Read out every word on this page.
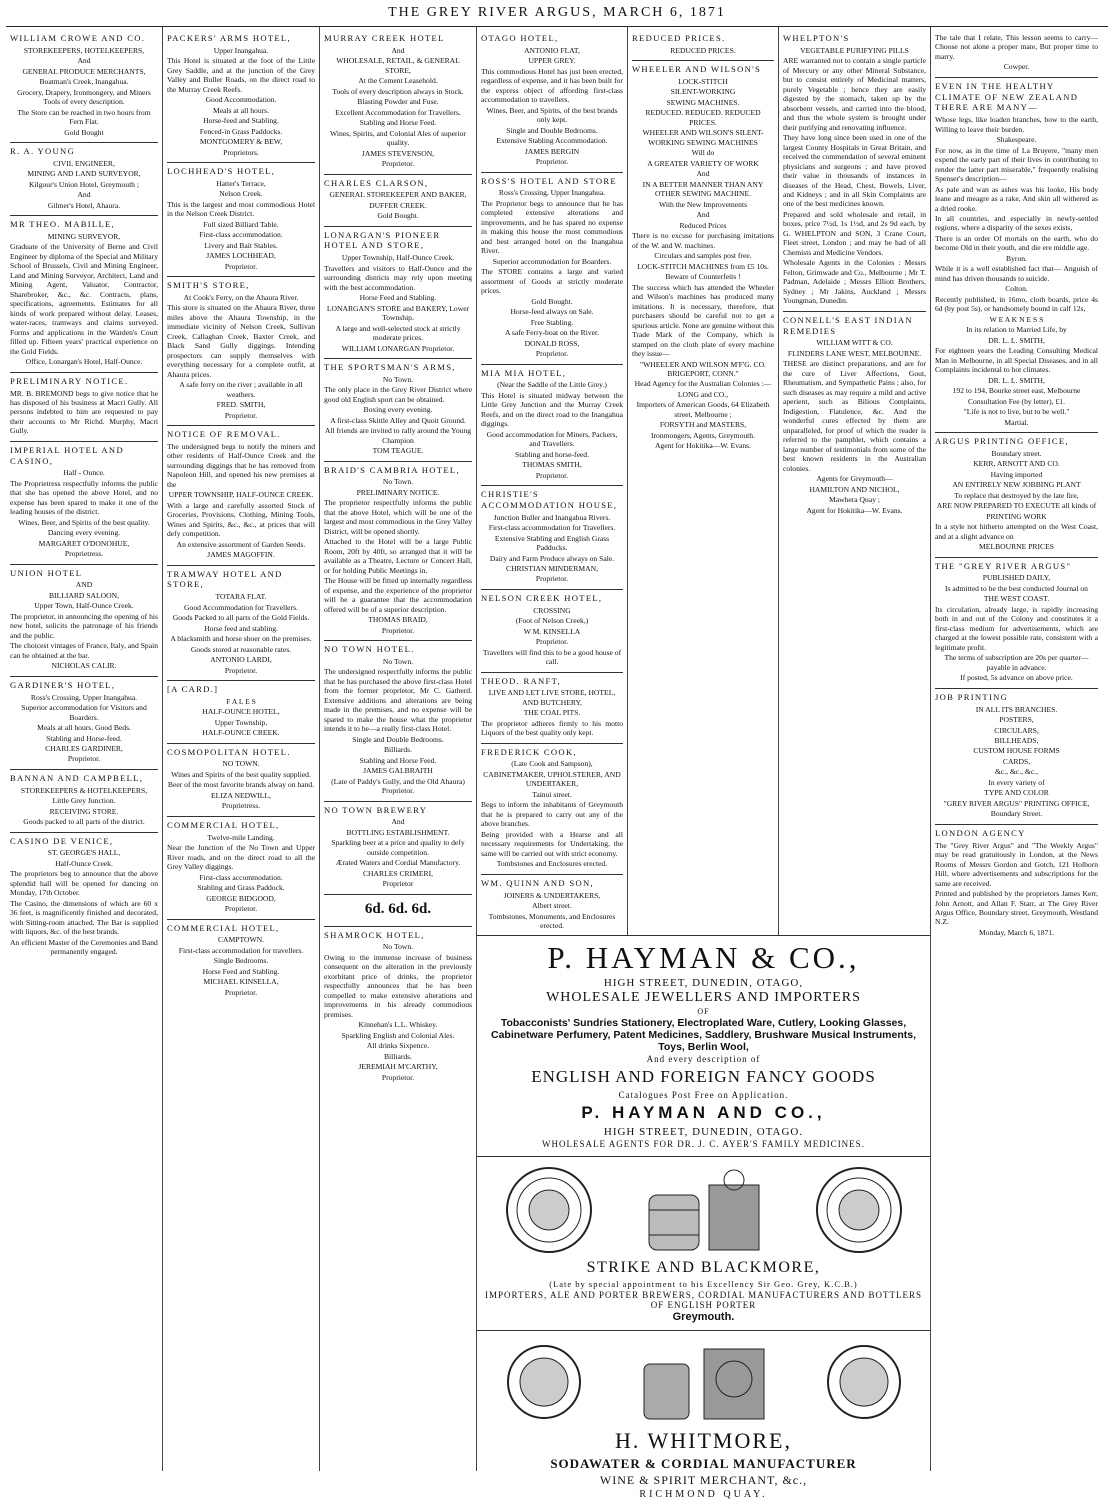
THE GREY RIVER ARGUS, MARCH 6, 1871
WILLIAM CROWE AND CO.
STOREKEEPERS, HOTELKEEPERS,
And
GENERAL PRODUCE MERCHANTS,
Boatman's Creek, Inangahua.
Grocery, Drapery, Ironmongery, and Miners Tools of every description.
The Store can be reached in two hours from Fern Flat.
Gold Bought
R. A. YOUNG
CIVIL ENGINEER,
MINING AND LAND SURVEYOR,
Kilgour's Union Hotel, Greymouth ;
And
Gilmer's Hotel, Ahaura.
MR THEO. MABILLE,
MINING SURVEYOR,
Graduate of the University of Berne and Civil Engineer by diploma of the Special and Military School of Brussels, Civil and Mining Engineer, Land and Mining Surveyor, Architect, Land and Mining Agent, Valuator, Contractor, Sharebroker, &c., &c. Contracts, plans, specifications, agreements. Estimates for all kinds of work prepared without delay. Leases, water-races, tramways and claims surveyed. Forms and applications in the Warden's Court filled up. Fifteen years' practical experience on the Gold Fields.
Office, Lonargan's Hotel, Half-Ounce.
PRELIMINARY NOTICE.
MR. B. BREMOND begs to give notice that he has disposed of his business at Macri Gully. All persons indebted to him are requested to pay their accounts to Mr Richd. Murphy, Macri Gully.
IMPERIAL HOTEL AND CASINO,
Half - Ounce.
The Proprietress respectfully informs the public that she has opened the above Hotel, and no expense has been spared to make it one of the leading houses of the district.
Wines, Beer, and Spirits of the best quality.
Dancing every evening.
MARGARET O'DONOHUE,
Proprietress.
UNION HOTEL
AND
BILLIARD SALOON,
Upper Town, Half-Ounce Creek.
The proprietor, in announcing the opening of his new hotel, solicits the patronage of his friends and the public.
The choicest vintages of France, Italy, and Spain can be obtained at the bar.
NICHOLAS CALIR.
GARDINER'S HOTEL,
Ross's Crossing, Upper Inangahua.
Superior accommodation for Visitors and Boarders.
Meals at all hours. Good Beds.
Stabling and Horse-feed.
CHARLES GARDINER,
Proprietor.
BANNAN AND CAMPBELL,
STOREKEEPERS & HOTELKEEPERS,
Little Grey Junction.
RECEIVING STORE.
Goods packed to all parts of the district.
CASINO DE VENICE,
ST. GEORGE'S HALL,
Half-Ounce Creek.
The proprietors beg to announce that the above splendid hall will be opened for dancing on Monday, 17th October.
The Casino, the dimensions of which are 60 x 36 feet, is magnificently finished and decorated, with Sitting-room attached. The Bar is supplied with liquors, &c. of the best brands.
An efficient Master of the Ceremonies and Band permanently engaged.
PACKERS' ARMS HOTEL,
Upper Inangahua.
This Hotel is situated at the foot of the Little Grey Saddle, and at the junction of the Grey Valley and Buller Roads, on the direct road to the Murray Creek Reefs.
Good Accommodation.
Meals at all hours.
Horse-feed and Stabling.
Fenced-in Grass Paddocks.
MONTGOMERY & BEW,
Proprietors.
LOCHHEAD'S HOTEL,
Hatter's Terrace,
Nelson Creek.
This is the largest and most commodious Hotel in the Nelson Creek District.
Full sized Billiard Table.
First-class accommodation.
Livery and Bait Stables.
JAMES LOCHHEAD,
Proprietor.
SMITH'S STORE,
At Cook's Ferry, on the Ahaura River.
This store is situated on the Ahaura River, three miles above the Ahaura Township, in the immediate vicinity of Nelson Creek, Sullivan Creek, Callaghan Creek, Baxter Creek, and Black Sand Gully diggings. Intending prospectors can supply themselves with everything necessary for a complete outfit, at Ahaura prices.
A safe ferry on the river ; available in all weathers.
FRED. SMITH,
Proprietor.
NOTICE OF REMOVAL.
The undersigned begs to notify the miners and other residents of Half-Ounce Creek and the surrounding diggings that he has removed from Napoleon Hill, and opened his new premises at the
UPPER TOWNSHIP, HALF-OUNCE CREEK.
With a large and carefully assorted Stock of Groceries, Provisions, Clothing, Mining Tools, Wines and Spirits, &c., &c., at prices that will defy competition.
An extensive assortment of Garden Seeds.
JAMES MAGOFFIN.
TRAMWAY HOTEL AND STORE,
TOTARA FLAT.
Good Accommodation for Travellers.
Goods Packed to all parts of the Gold Fields.
Horse feed and stabling.
A blacksmith and horse shoer on the premises.
Goods stored at reasonable rates.
ANTONIO LARDI,
Proprietor.
[A CARD.]
F A L E S
HALF-OUNCE HOTEL,
Upper Township,
HALF-OUNCE CREEK.
COSMOPOLITAN HOTEL.
NO TOWN.
Wines and Spirits of the best quality supplied.
Beer of the most favorite brands alway on hand.
ELIZA NEDWILL,
Proprietress.
COMMERCIAL HOTEL,
Twelve-mile Landing.
Near the Junction of the No Town and Upper River roads, and on the direct road to all the Grey Valley diggings.
First-class accommodation.
Stabling and Grass Paddock.
GEORGE BIDGOOD,
Proprietor.
COMMERCIAL HOTEL,
CAMPTOWN.
First-class accommodation for travellers.
Single Bedrooms.
Horse Feed and Stabling.
MICHAEL KINSELLA,
Proprietor.
MURRAY CREEK HOTEL
And
WHOLESALE, RETAIL, & GENERAL STORE,
At the Cement Leasehold.
Tools of every description always in Stock.
Blasting Powder and Fuse.
Excellent Accommodation for Travellers.
Stabling and Horse Feed.
Wines, Spirits, and Colonial Ales of superior quality.
JAMES STEVENSON,
Proprietor.
CHARLES CLARSON,
GENERAL STOREKEEPER AND BAKER,
DUFFER CREEK.
Gold Bought.
LONARGAN'S PIONEER HOTEL AND STORE,
Upper Township, Half-Ounce Creek.
Travellers and visitors to Half-Ounce and the surrounding districts may rely upon meeting with the best accommodation.
Horse Feed and Stabling.
LONARGAN'S STORE and BAKERY, Lower Township.
A large and well-selected stock at strictly moderate prices.
WILLIAM LONARGAN Proprietor.
THE SPORTSMAN'S ARMS,
No Town.
The only place in the Grey River District where good old English sport can be obtained.
Boxing every evening.
A first-class Skittle Alley and Quoit Ground.
All friends are invited to rally around the Young Champion
TOM TEAGUE.
BRAID'S CAMBRIA HOTEL,
No Town.
PRELIMINARY NOTICE.
The proprietor respectfully informs the public that the above Hotel, which will be one of the largest and most commodious in the Grey Valley District, will be opened shortly.
Attached to the Hotel will be a large Public Room, 20ft by 40ft, so arranged that it will be available as a Theatre, Lecture or Concert Hall, or for holding Public Meetings in.
The House will be fitted up internally regardless of expense, and the experience of the proprietor will be a guarantee that the accommodation offered will be of a superior description.
THOMAS BRAID,
Proprietor.
NO TOWN HOTEL.
No Town.
The undersigned respectfully informs the public that he has purchased the above first-class Hotel from the former proprietor, Mr C. Gatherd. Extensive additions and alterations are being made in the premises, and no expense will be spared to make the house what the proprietor intends it to be—a really first-class Hotel.
Single and Double Bedrooms.
Billiards.
Stabling and Horse Feed.
JAMES GALBRAITH
(Late of Paddy's Gully, and the Old Ahaura) Proprietor.
NO TOWN BREWERY
And
BOTTLING ESTABLISHMENT.
Sparkling beer at a price and quality to defy outside competition.
Ærated Waters and Cordial Manufactory.
CHARLES CRIMERI,
Proprietor
6d. 6d. 6d.
SHAMROCK HOTEL,
No Town.
Owing to the immense increase of business consequent on the alteration in the previously exorbitant price of drinks, the proprietor respectfully announces that he has been compelled to make extensive alterations and improvements in his already commodious premises.
Kinnehan's L.L. Whiskey.
Sparkling English and Colonial Ales.
All drinks Sixpence.
Billiards.
JEREMIAH M'CARTHY,
Proprietor.
OTAGO HOTEL,
ANTONIO FLAT,
UPPER GREY.
This commodious Hotel has just been erected, regardless of expense, and it has been built for the express object of affording first-class accommodation to travellers.
Wines, Beer, and Spirits, of the best brands only kept.
Single and Double Bedrooms.
Extensive Stabling Accommodation.
JAMES BERGIN
Proprietor.
ROSS'S HOTEL AND STORE
Ross's Crossing, Upper Inangahua.
The Proprietor begs to announce that he has completed extensive alterations and improvements, and he has spared no expense in making this house the most commodious and best arranged hotel on the Inangahua River.
Superior accommodation for Boarders.
The STORE contains a large and varied assortment of Goods at strictly moderate prices.
Gold Bought.
Horse-feed always on Sale.
Free Stabling.
A safe Ferry-boat on the River.
DONALD ROSS,
Proprietor.
MIA MIA HOTEL,
(Near the Saddle of the Little Grey.)
This Hotel is situated midway between the Little Grey Junction and the Murray Creek Reefs, and on the direct road to the Inangahua diggings.
Good accommodation for Miners, Packers, and Travellers.
Stabling and horse-feed.
THOMAS SMITH,
Proprietor.
CHRISTIE'S ACCOMMODATION HOUSE,
Junction Buller and Inangahua Rivers.
First-class accommodation for Travellers.
Extensive Stabling and English Grass Paddocks.
Dairy and Farm Produce always on Sale.
CHRISTIAN MINDERMAN,
Proprietor.
NELSON CREEK HOTEL,
CROSSING
(Foot of Nelson Creek,)
W M. KINSELLA
Proprietor.
Travellers will find this to be a good house of call.
THEOD. RANFT,
LIVE AND LET LIVE STORE, HOTEL, AND BUTCHERY,
THE COAL PITS.
The proprietor adheres firmly to his motto Liquors of the best quality only kept.
FREDERICK COOK,
(Late Cook and Sampson),
CABINETMAKER, UPHOLSTERER, AND UNDERTAKER,
Tainui street.
Begs to inform the inhabitants of Greymouth that he is prepared to carry out any of the above branches.
Being provided with a Hearse and all necessary requirements for Undertaking, the same will be carried out with strict economy.
Tombstones and Enclosures erected.
WM. QUINN AND SON,
JOINERS & UNDERTAKERS,
Albert street.
Tombstones, Monuments, and Enclosures erected.
REDUCED PRICES.
REDUCED PRICES.
WHEELER AND WILSON'S
LOCK-STITCH
SILENT-WORKING
SEWING MACHINES.
REDUCED. REDUCED. REDUCED PRICES.
WHEELER AND WILSON'S SILENT-WORKING SEWING MACHINES
Will do
A GREATER VARIETY OF WORK
And
IN A BETTER MANNER THAN ANY OTHER SEWING MACHINE.
With the New Improvements
And
Reduced Prices
There is no excuse for purchasing imitations of the W. and W. machines.
Circulars and samples post free.
LOCK-STITCH MACHINES from £5 10s.
Beware of Counterfeits !
The success which has attended the Wheeler and Wilson's machines has produced many imitations. It is necessary, therefore, that purchasers should be careful not to get a spurious article. None are genuine without this Trade Mark of the Company, which is stamped on the cloth plate of every machine they issue—
"WHEELER AND WILSON M'F'G. CO. BRIGEPORT, CONN."
Head Agency for the Australian Colonies :—
LONG and CO.,
Importers of American Goods, 64 Elizabeth street, Melbourne ;
FORSYTH and MASTERS,
Ironmongers, Agents, Greymouth.
Agent for Hokitika—W. Evans.
WHELPTON'S
VEGETABLE PURIFYING PILLS
ARE warranted not to contain a single particle of Mercury or any other Mineral Substance, but to consist entirely of Medicinal matters, purely Vegetable ; hence they are easily digested by the stomach, taken up by the absorbent vessels, and carried into the blood, and thus the whole system is brought under their purifying and renovating influence.
They have long since been used in one of the largest County Hospitals in Great Britain, and received the commendation of several eminent physicians and surgeons ; and have proved their value in thousands of instances in diseases of the Head, Chest, Bowels, Liver, and Kidneys ; and in all Skin Complaints are one of the best medicines known.
Prepared and sold wholesale and retail, in boxes, price 7½d, 1s 1½d, and 2s 9d each, by G. WHELPTON and SON, 3 Crane Court, Fleet street, London ; and may be had of all Chemists and Medicine Vendors.
Wholesale Agents in the Colonies : Messrs Felton, Grimwade and Co., Melbourne ; Mr T. Padman, Adelaide ; Messrs Elliott Brothers, Sydney ; Mr Jakins, Auckland ; Messrs Youngman, Dunedin.
CONNELL'S EAST INDIAN REMEDIES
WILLIAM WITT & CO.
FLINDERS LANE WEST, MELBOURNE.
THESE are distinct preparations, and are for the cure of Liver Affections, Gout, Rheumatism, and Sympathetic Pains ; also, for such diseases as may require a mild and active aperient, such as Bilious Complaints, Indigestion, Flatulence, &c. And the wonderful cures effected by them are unparalleled, for proof of which the reader is referred to the pamphlet, which contains a large number of testimonials from some of the best known residents in the Australian colonies.
Agents for Greymouth—
HAMILTON AND NICHOL,
Mawhera Quay ;
Agent for Hokitika—W. Evans.
P. HAYMAN & CO.,
HIGH STREET, DUNEDIN, OTAGO,
WHOLESALE JEWELLERS AND IMPORTERS
OF
Tobacconists' Sundries Stationery, Electroplated Ware, Cutlery, Looking Glasses, Cabinetware Perfumery, Patent Medicines, Saddlery, Brushware Musical Instruments, Toys, Berlin Wool,
And every description of
ENGLISH AND FOREIGN FANCY GOODS
Catalogues Post Free on Application.
P. HAYMAN AND CO.,
HIGH STREET, DUNEDIN, OTAGO.
WHOLESALE AGENTS FOR DR. J. C. AYER'S FAMILY MEDICINES.
STRIKE AND BLACKMORE,
(Late by special appointment to his Excellency Sir Geo. Grey, K.C.B.)
IMPORTERS, ALE AND PORTER BREWERS, CORDIAL MANUFACTURERS AND BOTTLERS OF ENGLISH PORTER
Greymouth.
H. WHITMORE,
SODAWATER & CORDIAL MANUFACTURER
WINE & SPIRIT MERCHANT, &c.,
RICHMOND QUAY.
The tale that I relate, This lesson seems to carry— Choose not alone a proper mate, But proper time to marry.
Cowper.
EVEN IN THE HEALTHY CLIMATE OF NEW ZEALAND THERE ARE MANY—
Whose legs, like loaden branches, bow to the earth, Willing to leave their burden.
Shakespeare.
For now, as in the time of La Bruyere, "many men expend the early part of their lives in contributing to render the latter part miserable," frequently realising Spenser's description—
As pale and wan as ashes was his looke, His body leane and meagre as a rake, And skin all withered as a dried rooke.
In all countries, and especially in newly-settled regions, where a disparity of the sexes exists,
There is an order Of mortals on the earth, who do become Old in their youth, and die ere middle age.
Byron.
While it is a well established fact that— Anguish of mind has driven thousands to suicide.
Colton.
Recently published, in 16mo, cloth boards, price 4s 6d (by post 5s), or handsomely bound in calf 12s,
W E A K N E S S
In its relation to Married Life, by
DR. L. L. SMITH,
For eighteen years the Leading Consulting Medical Man in Melbourne, in all Special Diseases, and in all Complaints incidental to hot climates.
DR. L. L. SMITH,
192 to 194, Bourke street east, Melbourne
Consultation Fee (by letter), £1.
"Life is not to live, but to be well."
Martial.
ARGUS PRINTING OFFICE,
Boundary street.
KERR, ARNOTT AND CO.
Having imported
AN ENTIRELY NEW JOBBING PLANT
To replace that destroyed by the late fire,
ARE NOW PREPARED TO EXECUTE all kinds of
PRINTING WORK
In a style not hitherto attempted on the West Coast, and at a slight advance on
MELBOURNE PRICES
THE "GREY RIVER ARGUS"
PUBLISHED DAILY,
Is admitted to be the best conducted Journal on
THE WEST COAST.
Its circulation, already large, is rapidly increasing both in and out of the Colony and constitutes it a first-class medium for advertisements, which are charged at the lowest possible rate, consistent with a legitimate profit.
The terms of subscription are 20s per quarter—payable in advance.
If posted, 5s advance on above price.
JOB PRINTING
IN ALL ITS BRANCHES.
POSTERS,
CIRCULARS,
BILLHEADS,
CUSTOM HOUSE FORMS
CARDS,
&c., &c., &c.,
In every variety of
TYPE AND COLOR
"GREY RIVER ARGUS" PRINTING OFFICE,
Boundary Street.
LONDON AGENCY
The "Grey River Argus" and "The Weekly Argus" may be read gratuitously in London, at the News Rooms of Messrs Gordon and Gotch, 121 Holborn Hill, where advertisements and subscriptions for the same are received.
Printed and published by the proprietors James Kerr, John Arnott, and Allan F. Starr, at The Grey River Argus Office, Boundary street, Greymouth, Westland N.Z.
Monday, March 6, 1871.
